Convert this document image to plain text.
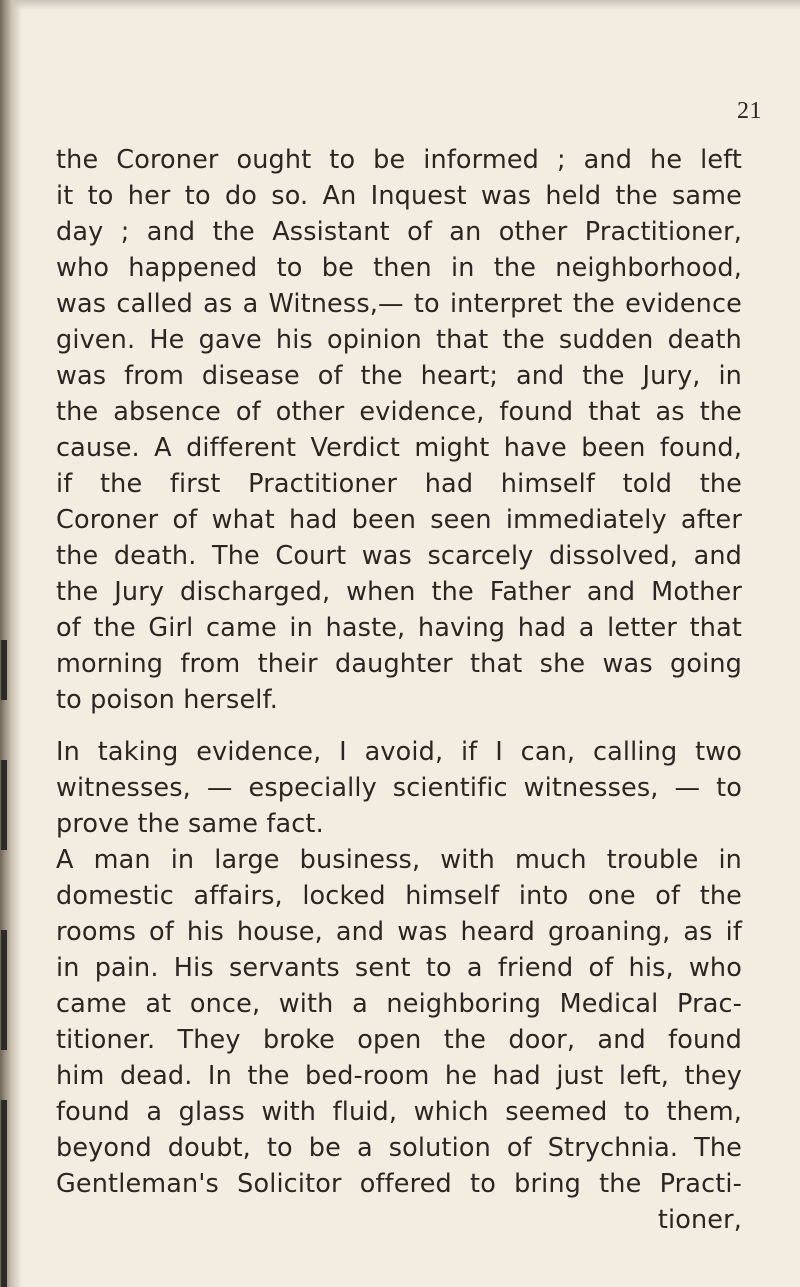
21
the Coroner ought to be informed ; and he left
it to her to do so. An Inquest was held the same
day ; and the Assistant of an other Practitioner,
who happened to be then in the neighborhood,
was called as a Witness,— to interpret the evidence
given. He gave his opinion that the sudden death
was from disease of the heart; and the Jury, in
the absence of other evidence, found that as the
cause. A different Verdict might have been found,
if the first Practitioner had himself told the
Coroner of what had been seen immediately after
the death. The Court was scarcely dissolved, and
the Jury discharged, when the Father and Mother
of the Girl came in haste, having had a letter that
morning from their daughter that she was going
to poison herself.
In taking evidence, I avoid, if I can, calling two
witnesses, — especially scientific witnesses, — to
prove the same fact.
A man in large business, with much trouble in
domestic affairs, locked himself into one of the
rooms of his house, and was heard groaning, as if
in pain. His servants sent to a friend of his, who
came at once, with a neighboring Medical Prac-
titioner. They broke open the door, and found
him dead. In the bed-room he had just left, they
found a glass with fluid, which seemed to them,
beyond doubt, to be a solution of Strychnia. The
Gentleman's Solicitor offered to bring the Practi-
tioner,
